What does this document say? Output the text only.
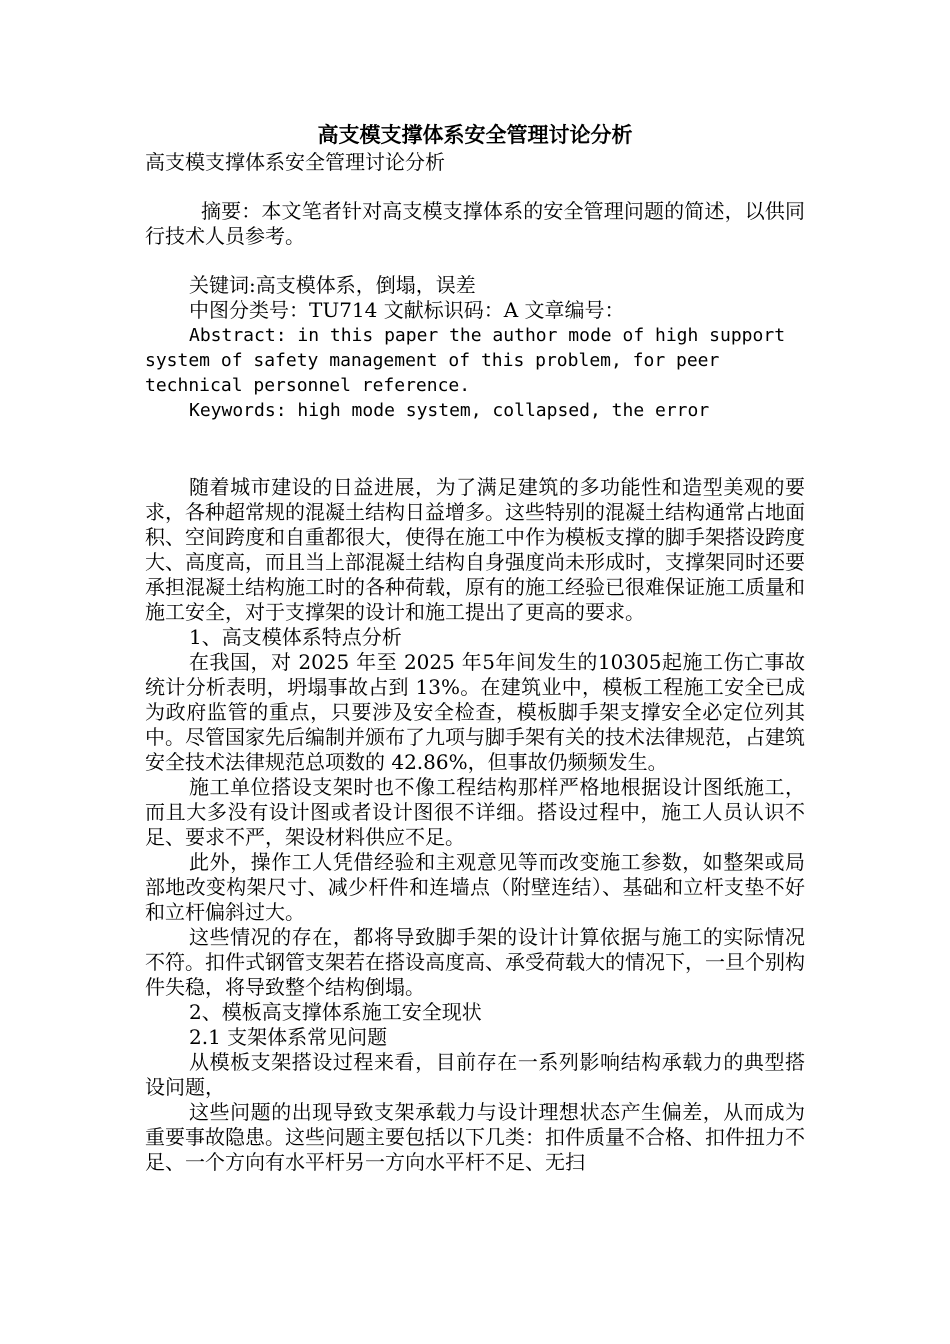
高支模支撑体系安全管理讨论分析

高支模支撑体系安全管理讨论分析

摘要：本文笔者针对高支模支撑体系的安全管理问题的简述，以供同行技术人员参考。

关键词:高支模体系，倒塌，误差

中图分类号：TU714 文献标识码：A 文章编号：

Abstract: in this paper the author mode of high support system of safety management of this problem, for peer technical personnel reference.

Keywords: high mode system, collapsed, the error

随着城市建设的日益进展，为了满足建筑的多功能性和造型美观的要求，各种超常规的混凝土结构日益增多。这些特别的混凝土结构通常占地面积、空间跨度和自重都很大，使得在施工中作为模板支撑的脚手架搭设跨度大、高度高，而且当上部混凝土结构自身强度尚未形成时，支撑架同时还要承担混凝土结构施工时的各种荷载，原有的施工经验已很难保证施工质量和施工安全，对于支撑架的设计和施工提出了更高的要求。

1、高支模体系特点分析

在我国，对 2025 年至 2025 年5年间发生的10305起施工伤亡事故统计分析表明，坍塌事故占到 13%。在建筑业中，模板工程施工安全已成为政府监管的重点，只要涉及安全检查，模板脚手架支撑安全必定位列其中。尽管国家先后编制并颁布了九项与脚手架有关的技术法律规范，占建筑安全技术法律规范总项数的 42.86%，但事故仍频频发生。

施工单位搭设支架时也不像工程结构那样严格地根据设计图纸施工，而且大多没有设计图或者设计图很不详细。搭设过程中，施工人员认识不足、要求不严，架设材料供应不足。

此外，操作工人凭借经验和主观意见等而改变施工参数，如整架或局部地改变构架尺寸、减少杆件和连墙点（附壁连结）、基础和立杆支垫不好和立杆偏斜过大。

这些情况的存在，都将导致脚手架的设计计算依据与施工的实际情况不符。扣件式钢管支架若在搭设高度高、承受荷载大的情况下，一旦个别构件失稳，将导致整个结构倒塌。

2、模板高支撑体系施工安全现状

2.1 支架体系常见问题

从模板支架搭设过程来看，目前存在一系列影响结构承载力的典型搭设问题，

这些问题的出现导致支架承载力与设计理想状态产生偏差，从而成为重要事故隐患。这些问题主要包括以下几类：扣件质量不合格、扣件扭力不足、一个方向有水平杆另一方向水平杆不足、无扫
